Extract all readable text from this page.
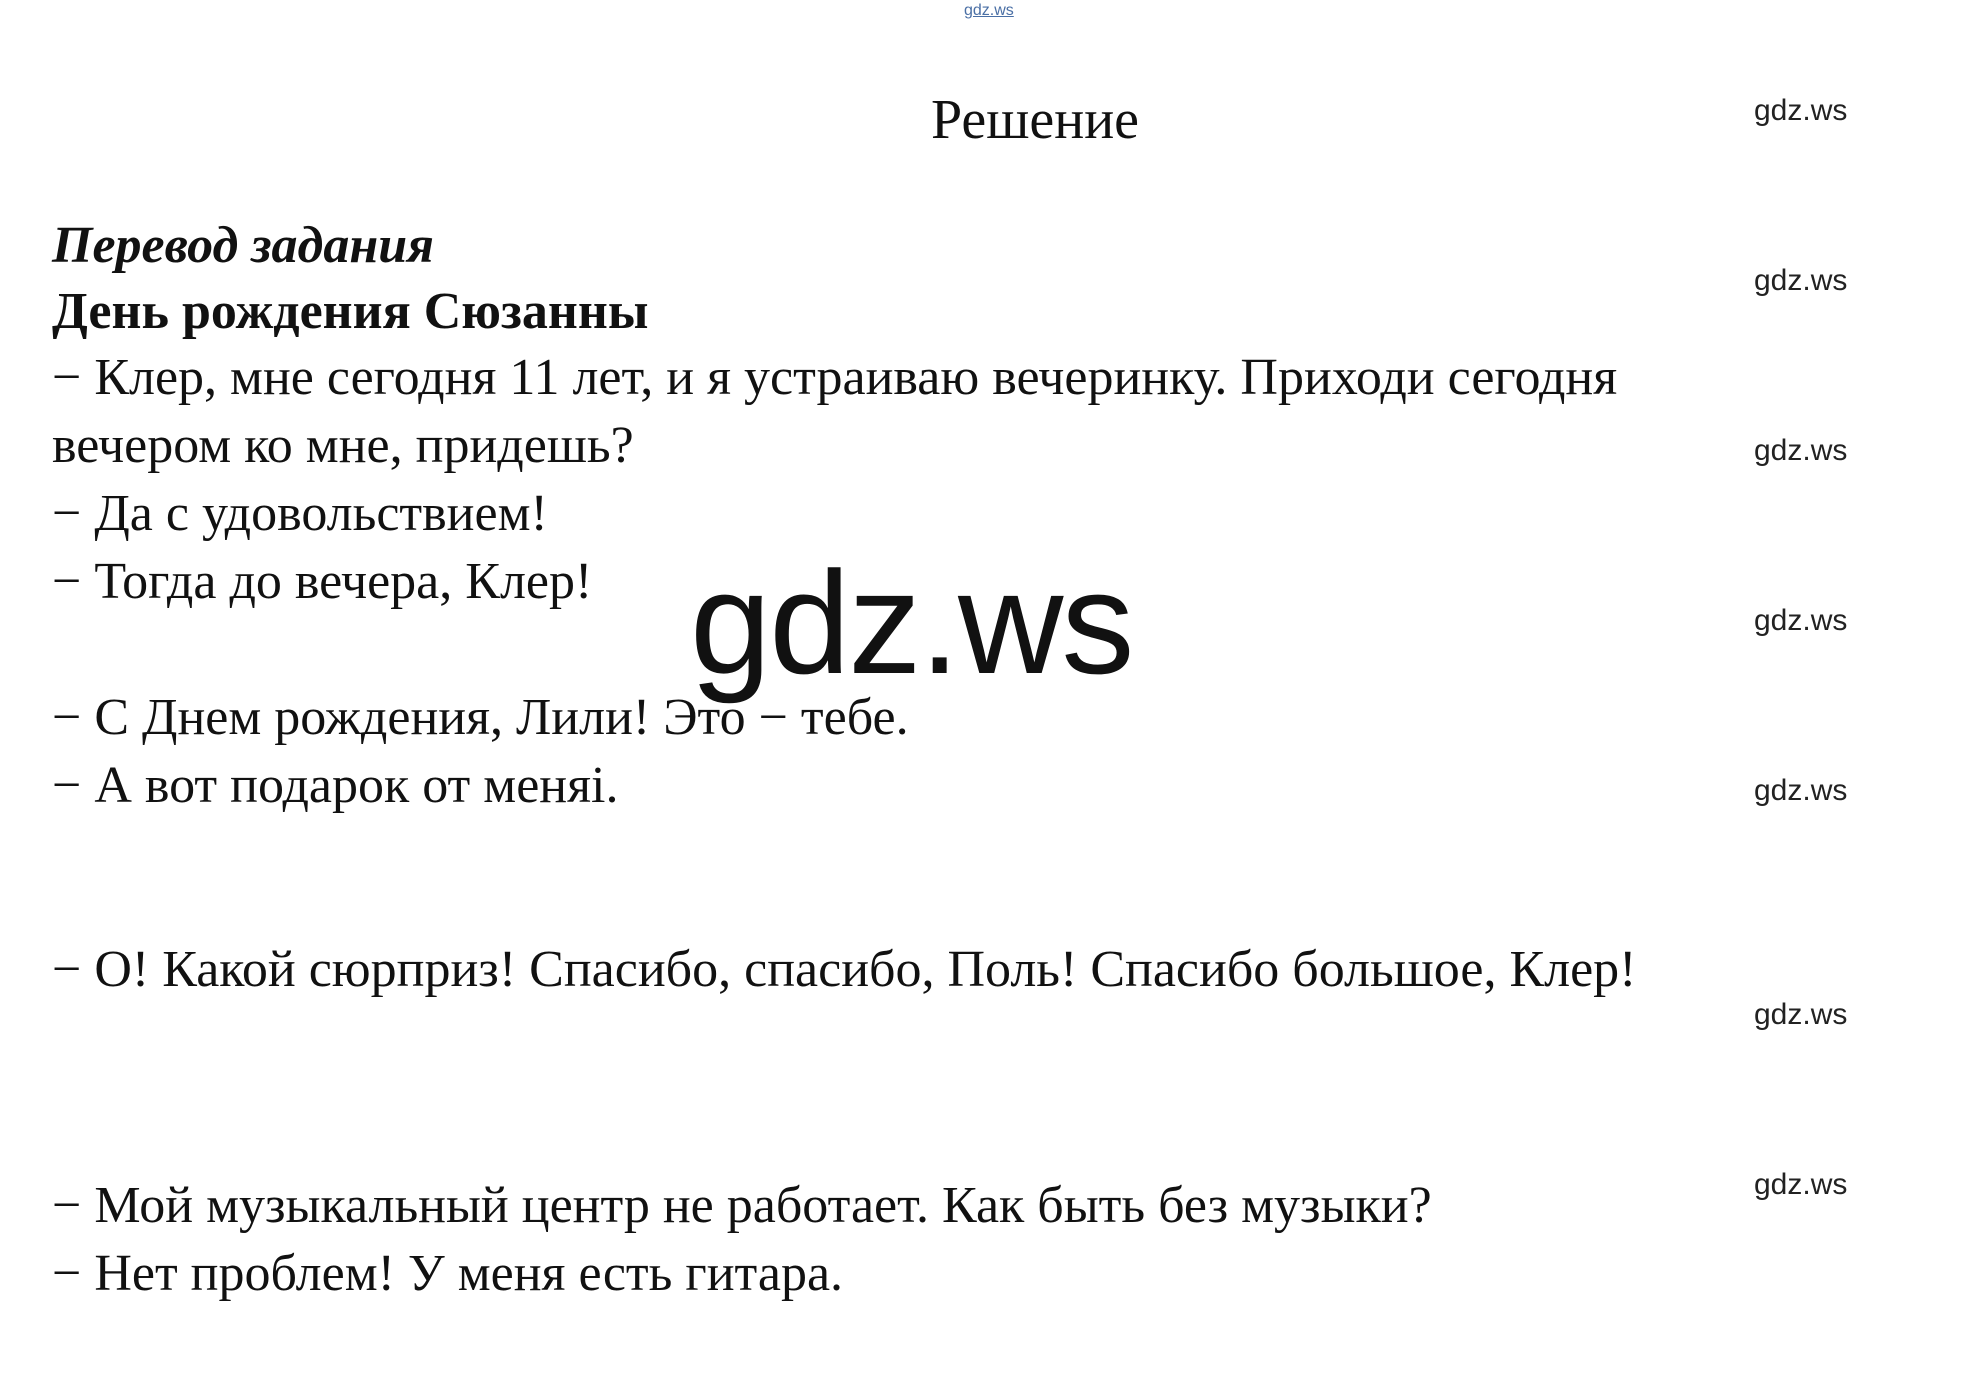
gdz.ws
Решение
Перевод задания
День рождения Сюзанны
− Клер, мне сегодня 11 лет, и я устраиваю вечеринку. Приходи сегодня
вечером ко мне, придешь?
− Да с удовольствием!
− Тогда до вечера, Клер!
− С Днем рождения, Лили! Это − тебе.
− А вот подарок от меняі.
− О! Какой сюрприз! Спасибо, спасибо, Поль! Спасибо большое, Клер!
− Мой музыкальный центр не работает. Как быть без музыки?
− Нет проблем! У меня есть гитара.
gdz.ws
gdz.ws
gdz.ws
gdz.ws
gdz.ws
gdz.ws
gdz.ws
gdz.ws
